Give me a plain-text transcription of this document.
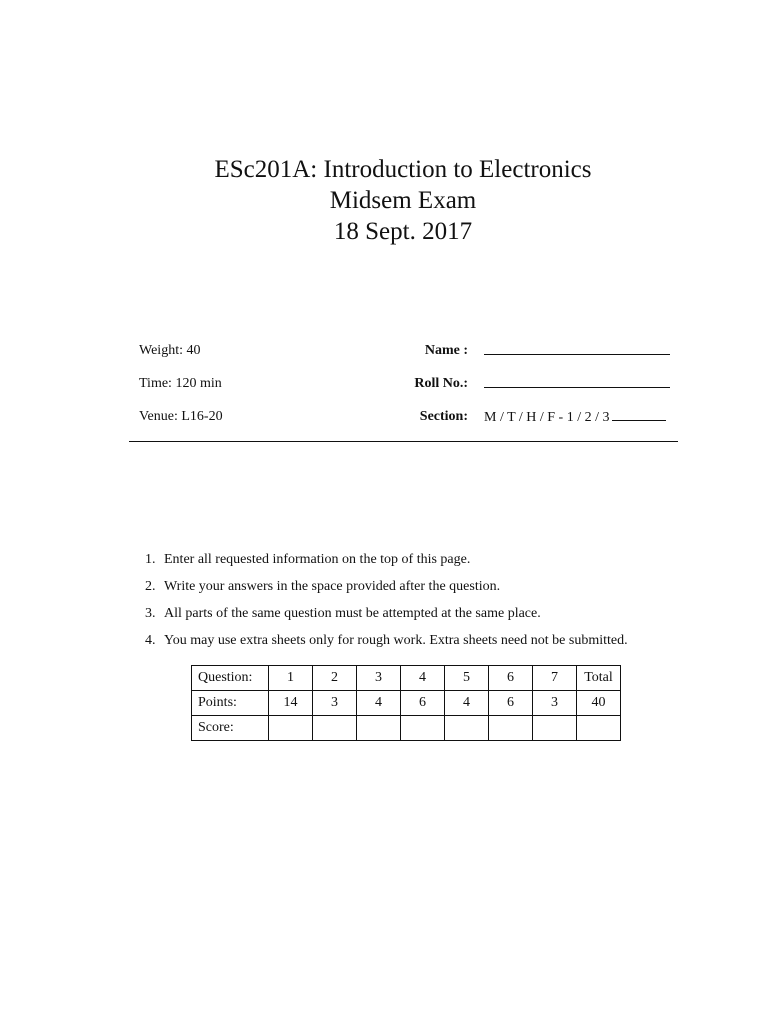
ESc201A: Introduction to Electronics
Midsem Exam
18 Sept. 2017
Weight: 40
Time: 120 min
Venue: L16-20
Name :
Roll No.:
Section: M / T / H / F - 1 / 2 / 3
1. Enter all requested information on the top of this page.
2. Write your answers in the space provided after the question.
3. All parts of the same question must be attempted at the same place.
4. You may use extra sheets only for rough work. Extra sheets need not be submitted.
Question:	1	2	3	4	5	6	7	Total
Points:	14	3	4	6	4	6	3	40
Score:								
